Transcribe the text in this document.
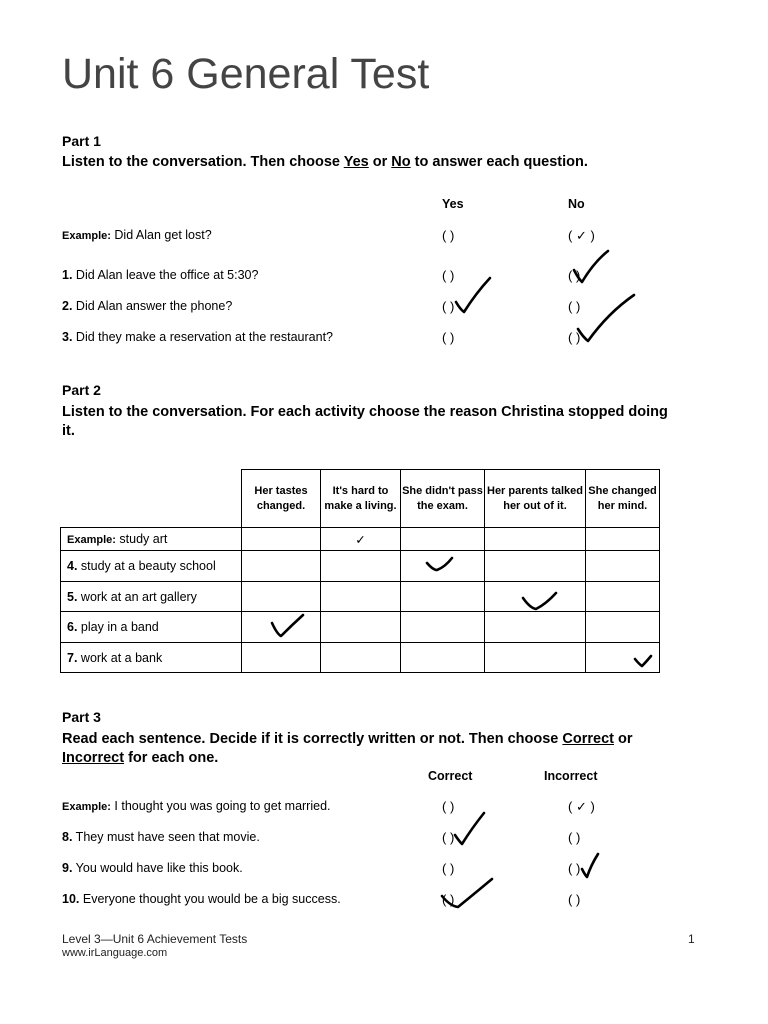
Unit 6 General Test
Part 1
Listen to the conversation. Then choose Yes or No to answer each question.
Yes	No
Example: Did Alan get lost?	( )	( ✓ )
1. Did Alan leave the office at 5:30?	( )	( )
2. Did Alan answer the phone?	( )	( )
3. Did they make a reservation at the restaurant?	( )	( )
Part 2
Listen to the conversation. For each activity choose the reason Christina stopped doing
it.
	Her tastes changed.	It's hard to make a living.	She didn't pass the exam.	Her parents talked her out of it.	She changed her mind.
Example: study art		✓			
4. study at a beauty school					
5. work at an art gallery					
6. play in a band					
7. work at a bank					
Part 3
Read each sentence. Decide if it is correctly written or not. Then choose Correct or
Incorrect for each one.
Correct	Incorrect
Example: I thought you was going to get married.	( )	( ✓ )
8. They must have seen that movie.	( )	( )
9. You would have like this book.	( )	( )
10. Everyone thought you would be a big success.	( )	( )
Level 3—Unit 6 Achievement Tests
www.irLanguage.com
1
